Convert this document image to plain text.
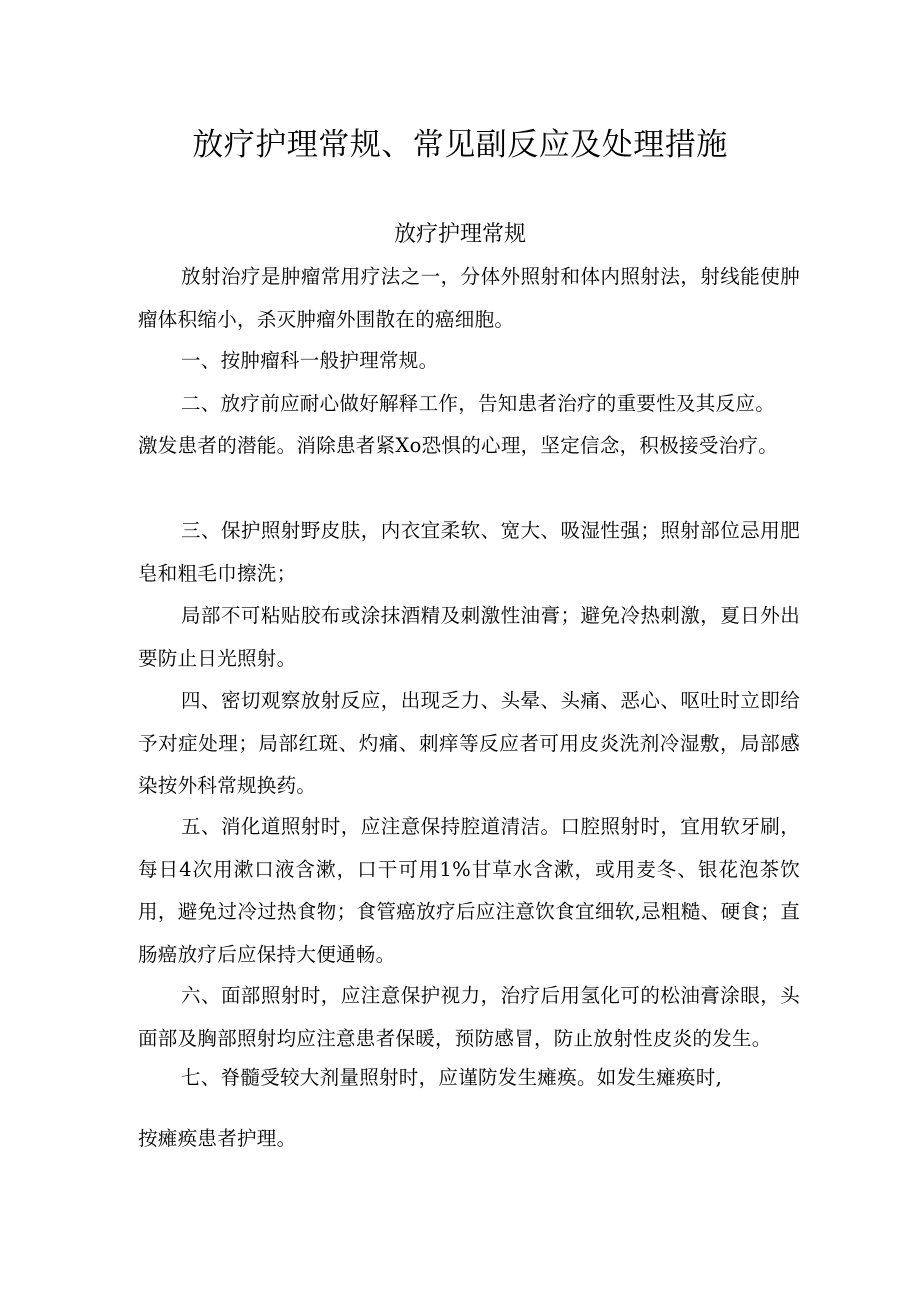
放疗护理常规、常见副反应及处理措施
放疗护理常规

放射治疗是肿瘤常用疗法之一，分体外照射和体内照射法，射线能使肿瘤体积缩小，杀灭肿瘤外围散在的癌细胞。

一、按肿瘤科一般护理常规。

二、放疗前应耐心做好解释工作，告知患者治疗的重要性及其反应。

激发患者的潜能。消除患者紧Xo恐惧的心理，坚定信念，积极接受治疗。

三、保护照射野皮肤，内衣宜柔软、宽大、吸湿性强；照射部位忌用肥皂和粗毛巾擦洗；

局部不可粘贴胶布或涂抹酒精及刺激性油膏；避免冷热刺激，夏日外出要防止日光照射。

四、密切观察放射反应，出现乏力、头晕、头痛、恶心、呕吐时立即给予对症处理；局部红斑、灼痛、刺痒等反应者可用皮炎洗剂冷湿敷，局部感染按外科常规换药。

五、消化道照射时，应注意保持腔道清洁。口腔照射时，宜用软牙刷，每日4次用漱口液含漱，口干可用1%甘草水含漱，或用麦冬、银花泡茶饮用，避免过冷过热食物；食管癌放疗后应注意饮食宜细软,忌粗糙、硬食；直肠癌放疗后应保持大便通畅。

六、面部照射时，应注意保护视力，治疗后用氢化可的松油膏涂眼，头面部及胸部照射均应注意患者保暖，预防感冒，防止放射性皮炎的发生。

七、脊髓受较大剂量照射时，应谨防发生瘫痪。如发生瘫痪时,

按瘫痪患者护理。
